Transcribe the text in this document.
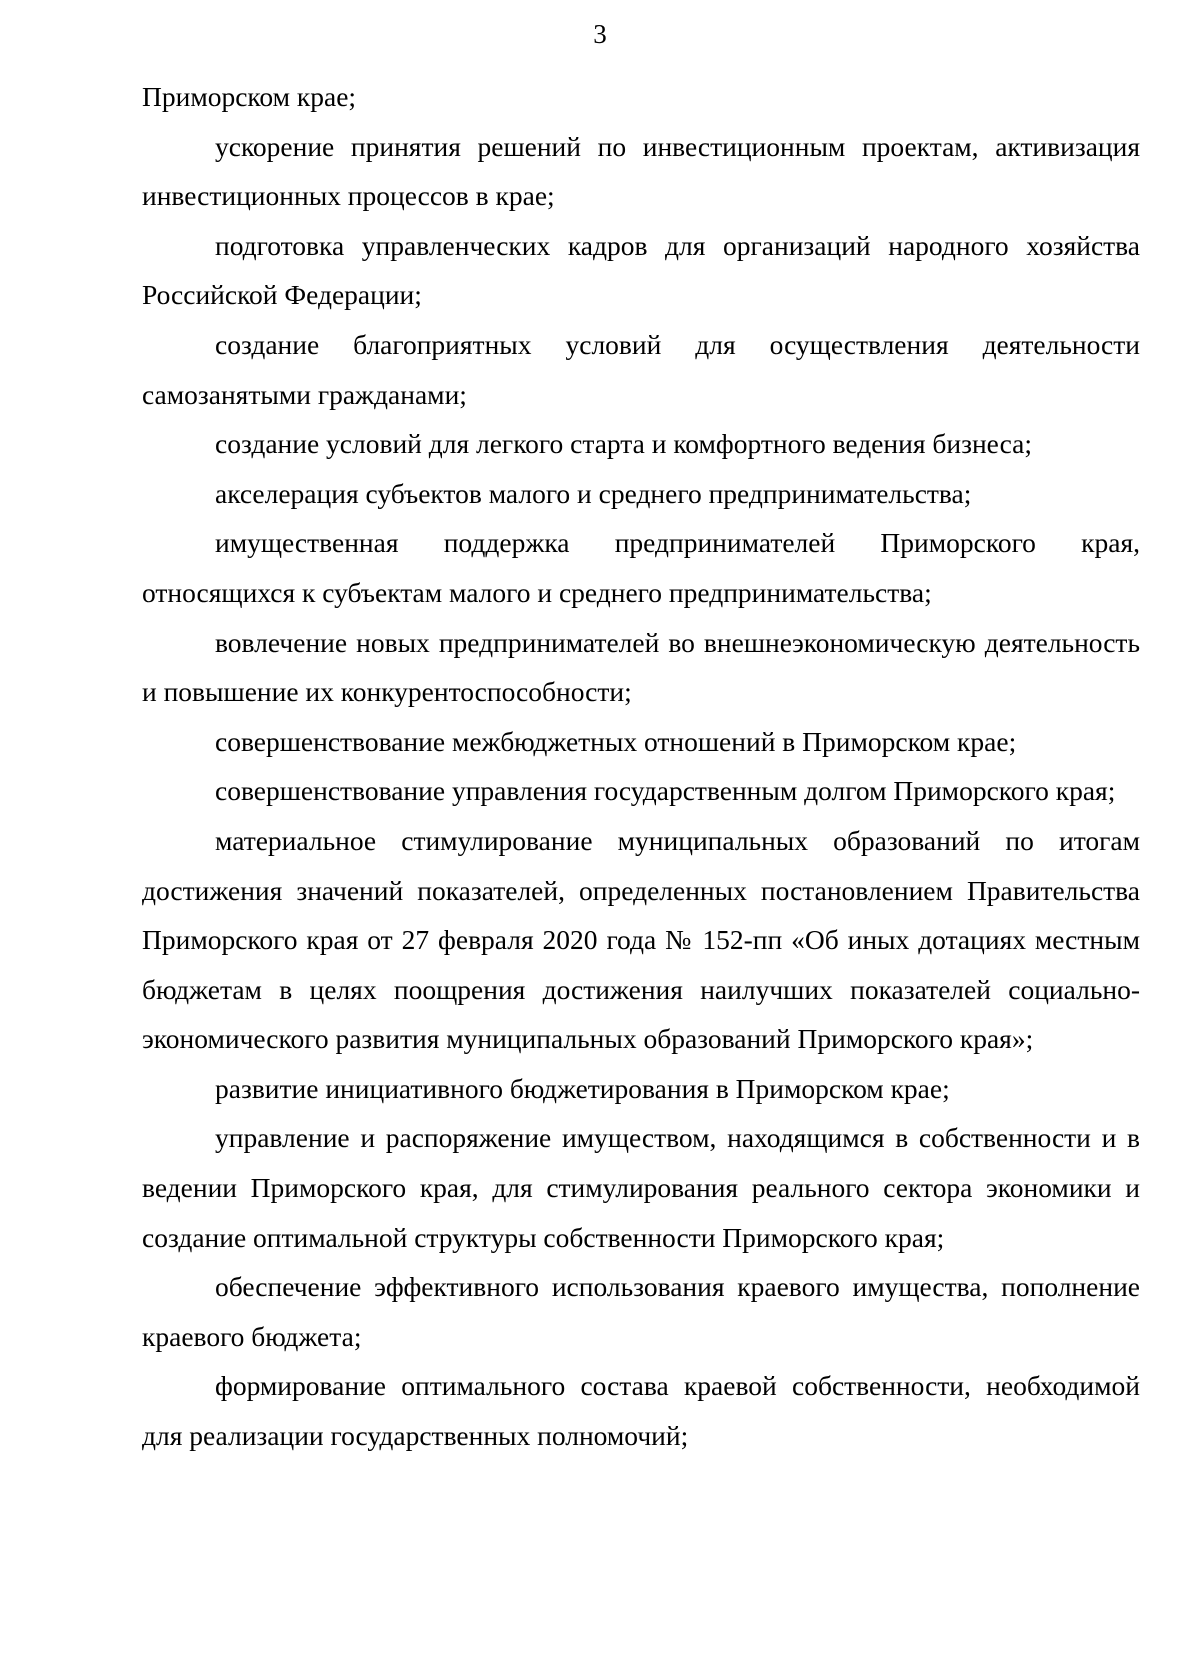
3

Приморском крае;

ускорение принятия решений по инвестиционным проектам, активизация инвестиционных процессов в крае;

подготовка управленческих кадров для организаций народного хозяйства Российской Федерации;

создание благоприятных условий для осуществления деятельности самозанятыми гражданами;

создание условий для легкого старта и комфортного ведения бизнеса;

акселерация субъектов малого и среднего предпринимательства;

имущественная поддержка предпринимателей Приморского края, относящихся к субъектам малого и среднего предпринимательства;

вовлечение новых предпринимателей во внешнеэкономическую деятельность и повышение их конкурентоспособности;

совершенствование межбюджетных отношений в Приморском крае;

совершенствование управления государственным долгом Приморского края;

материальное стимулирование муниципальных образований по итогам достижения значений показателей, определенных постановлением Правительства Приморского края от 27 февраля 2020 года № 152-пп «Об иных дотациях местным бюджетам в целях поощрения достижения наилучших показателей социально-экономического развития муниципальных образований Приморского края»;

развитие инициативного бюджетирования в Приморском крае;

управление и распоряжение имуществом, находящимся в собственности и в ведении Приморского края, для стимулирования реального сектора экономики и создание оптимальной структуры собственности Приморского края;

обеспечение эффективного использования краевого имущества, пополнение краевого бюджета;

формирование оптимального состава краевой собственности, необходимой для реализации государственных полномочий;
